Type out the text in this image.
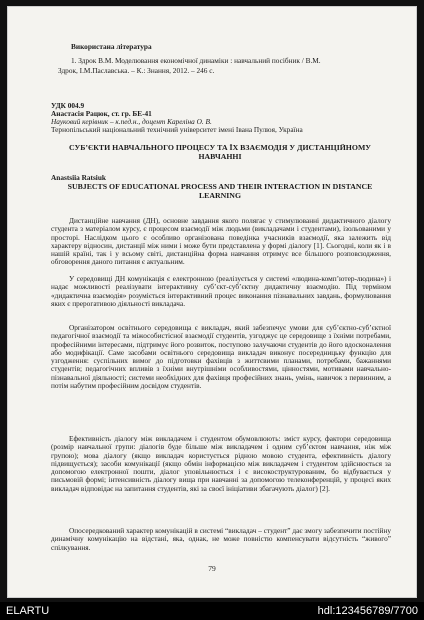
Використана література
1. Здрок В.М. Моделювання економічної динаміки : навчальний посібник / В.М.
Здрок, І.М.Паславська. – К.: Знання, 2012. – 246 с.
УДК 004.9
Анастасія Рацюк, ст. гр. БЕ-41
Науковий керівник – к.пед.н., доцент Карелiна О. В.
Тернопільський національний технічний університет імені Івана Пулюя, Україна
СУБ’ЄКТИ НАВЧАЛЬНОГО ПРОЦЕСУ ТА ЇХ ВЗАЄМОДІЯ У ДИСТАНЦІЙНОМУ НАВЧАННІ
Anastsiia Ratsiuk
SUBJECTS OF EDUCATIONAL PROCESS AND THEIR INTERACTION IN DISTANCE LEARNING
Дистанційне навчання (ДН), основне завдання якого полягає у стимулюванні дидактичного діалогу студента з матеріалом курсу, є процесом взаємодії між людьми (викладачами і студентами), ізольованими у просторі. Наслідком цього є особливо організована поведінка учасників взаємодії, яка залежить від характеру відносин, дистанції між ними і може бути представлена у формі діалогу [1]. Сьогодні, коли як і в нашій країні, так і у всьому світі, дистанційна форма навчання отримує все більшого розповсюдження, обговорення даного питання є актуальним.
У середовищі ДН комунікація є електронною (реалізується у системі «людина-комп’ютер-людина») і надає можливості реалізувати інтерактивну суб’єкт-суб’єктну дидактичну взаємодію. Під терміном «дидактична взаємодія» розуміється інтерактивний процес виконання пізнавальних завдань, формулювання яких є прерогативою діяльності викладача.
Організатором освітнього середовища є викладач, який забезпечує умови для суб’єктно-суб’єктної педагогічної взаємодії та міжособистісної взаємодії студентів, узгоджує це середовище з їхніми потребами, професійними інтересами, підтримує його розвиток, поступово залучаючи студентів до його вдосконалення або модифікації. Саме засобами освітнього середовища викладач виконує посередницьку функцію для узгодження: суспільних вимог до підготовки фахівців з життєвими планами, потребами, бажаннями студентів; педагогічних впливів з їхніми внутрішніми особливостями, цінностями, мотивами навчально-пізнавальної діяльності; системи необхідних для фахівця професійних знань, умінь, навичок з первинним, а потім набутим професійним досвідом студентів.
Ефективність діалогу між викладачем і студентом обумовлюють: зміст курсу, фактори середовища (розмір навчальної групи: діалогів буде більше між викладачем і одним суб’єктом навчання, ніж між групою); мова діалогу (якщо викладач користується рідною мовою студента, ефективність діалогу підвищується); засоби комунікації (якщо обмін інформацією між викладачем і студентом здійснюється за допомогою електронної пошти, діалог уповільнюється і є високоструктурованим, бо відбувається у письмовій формі; інтенсивність діалогу вища при навчанні за допомогою телеконференцій, у процесі яких викладач відповідає на запитання студентів, які за своєї ініціативи збагачують діалог) [2].
Опосередкований характер комунікацій в системі “викладач – студент” дає змогу забезпечити постійну динамічну комунікацію на відстані, яка, однак, не може повністю компенсувати відсутність “живого” спілкування.
79
ELARTU	hdl:123456789/7700
